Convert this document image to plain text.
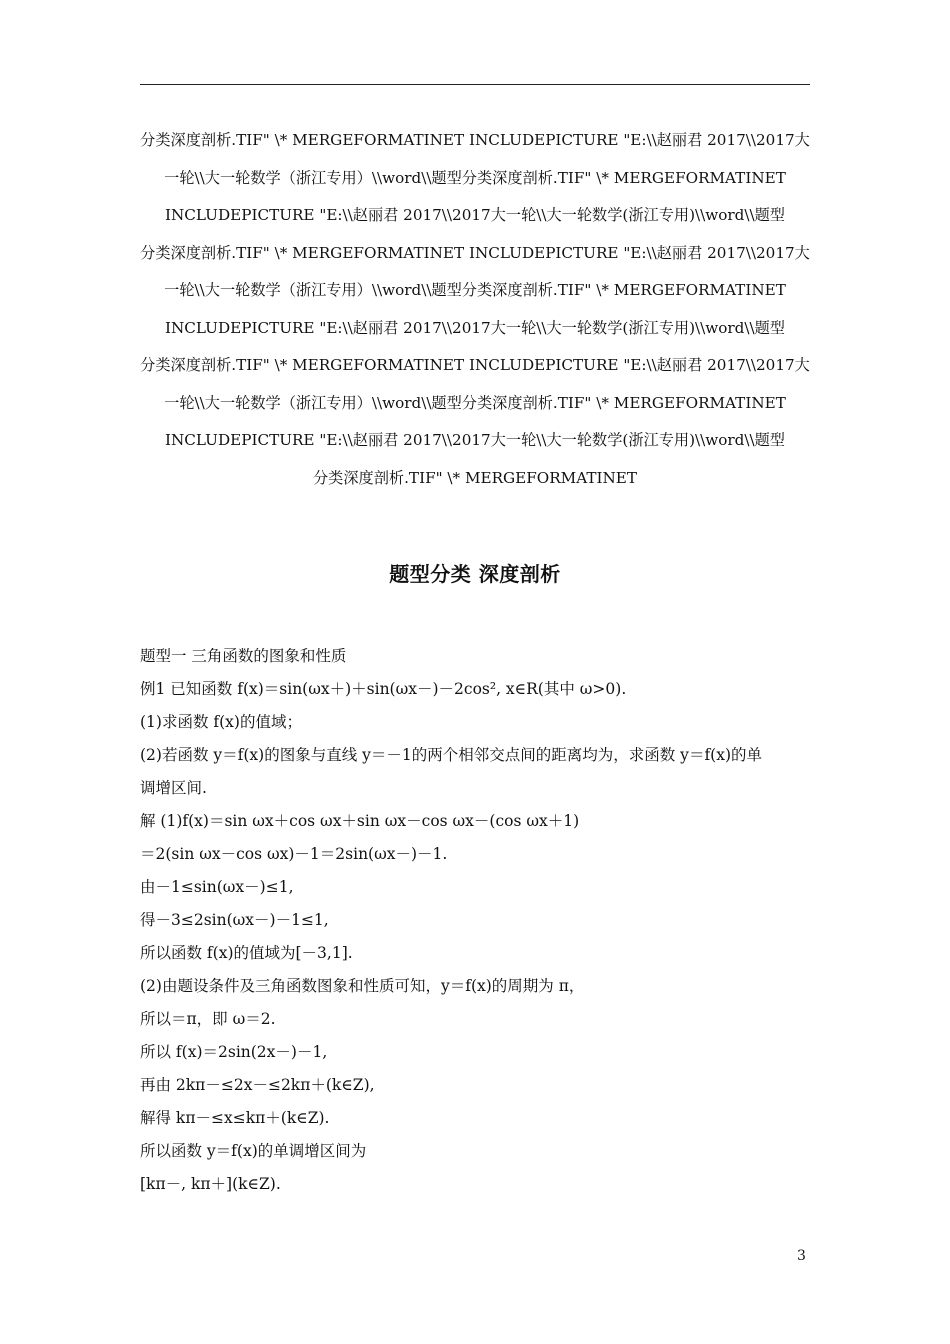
分类深度剖析.TIF" \* MERGEFORMATINET INCLUDEPICTURE "E:\\赵丽君 2017\\2017大
一轮\\大一轮数学（浙江专用）\\word\\题型分类深度剖析.TIF" \* MERGEFORMATINET
INCLUDEPICTURE "E:\\赵丽君 2017\\2017大一轮\\大一轮数学(浙江专用)\\word\\题型
分类深度剖析.TIF" \* MERGEFORMATINET INCLUDEPICTURE "E:\\赵丽君 2017\\2017大
一轮\\大一轮数学（浙江专用）\\word\\题型分类深度剖析.TIF" \* MERGEFORMATINET
INCLUDEPICTURE "E:\\赵丽君 2017\\2017大一轮\\大一轮数学(浙江专用)\\word\\题型
分类深度剖析.TIF" \* MERGEFORMATINET INCLUDEPICTURE "E:\\赵丽君 2017\\2017大
一轮\\大一轮数学（浙江专用）\\word\\题型分类深度剖析.TIF" \* MERGEFORMATINET
INCLUDEPICTURE "E:\\赵丽君 2017\\2017大一轮\\大一轮数学(浙江专用)\\word\\题型
分类深度剖析.TIF" \* MERGEFORMATINET
题型分类 深度剖析
题型一 三角函数的图象和性质
例1 已知函数 f(x)＝sin(ωx＋)＋sin(ωx－)－2cos², x∈R(其中 ω>0).
(1)求函数 f(x)的值域；
(2)若函数 y＝f(x)的图象与直线 y＝－1的两个相邻交点间的距离均为，求函数 y＝f(x)的单
调增区间.
解 (1)f(x)＝sin ωx＋cos ωx＋sin ωx－cos ωx－(cos ωx＋1)
＝2(sin ωx－cos ωx)－1＝2sin(ωx－)－1.
由－1≤sin(ωx－)≤1,
得－3≤2sin(ωx－)－1≤1,
所以函数 f(x)的值域为[－3,1].
(2)由题设条件及三角函数图象和性质可知，y＝f(x)的周期为 π，
所以＝π，即 ω＝2.
所以 f(x)＝2sin(2x－)－1,
再由 2kπ－≤2x－≤2kπ＋(k∈Z),
解得 kπ－≤x≤kπ＋(k∈Z).
所以函数 y＝f(x)的单调增区间为
[kπ－, kπ＋](k∈Z).
3
